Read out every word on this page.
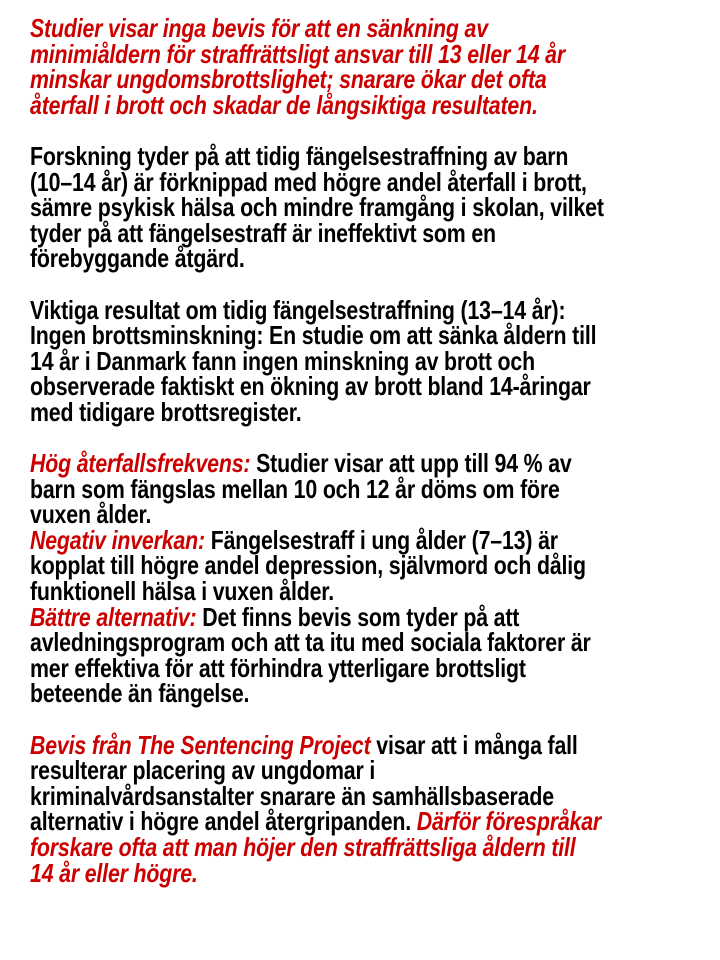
Studier visar inga bevis för att en sänkning av
minimiåldern för straffrättsligt ansvar till 13 eller 14 år
minskar ungdomsbrottslighet; snarare ökar det ofta
återfall i brott och skadar de långsiktiga resultaten.
Forskning tyder på att tidig fängelsestraffning av barn
(10–14 år) är förknippad med högre andel återfall i brott,
sämre psykisk hälsa och mindre framgång i skolan, vilket
tyder på att fängelsestraff är ineffektivt som en
förebyggande åtgärd.
Viktiga resultat om tidig fängelsestraffning (13–14 år):
Ingen brottsminskning: En studie om att sänka åldern till
14 år i Danmark fann ingen minskning av brott och
observerade faktiskt en ökning av brott bland 14-åringar
med tidigare brottsregister.
Hög återfallsfrekvens: Studier visar att upp till 94 % av
barn som fängslas mellan 10 och 12 år döms om före
vuxen ålder.
Negativ inverkan: Fängelsestraff i ung ålder (7–13) är
kopplat till högre andel depression, självmord och dålig
funktionell hälsa i vuxen ålder.
Bättre alternativ: Det finns bevis som tyder på att
avledningsprogram och att ta itu med sociala faktorer är
mer effektiva för att förhindra ytterligare brottsligt
beteende än fängelse.
Bevis från The Sentencing Project visar att i många fall
resulterar placering av ungdomar i
kriminalvårdsanstalter snarare än samhällsbaserade
alternativ i högre andel återgripanden. Därför förespråkar
forskare ofta att man höjer den straffrättsliga åldern till
14 år eller högre.
